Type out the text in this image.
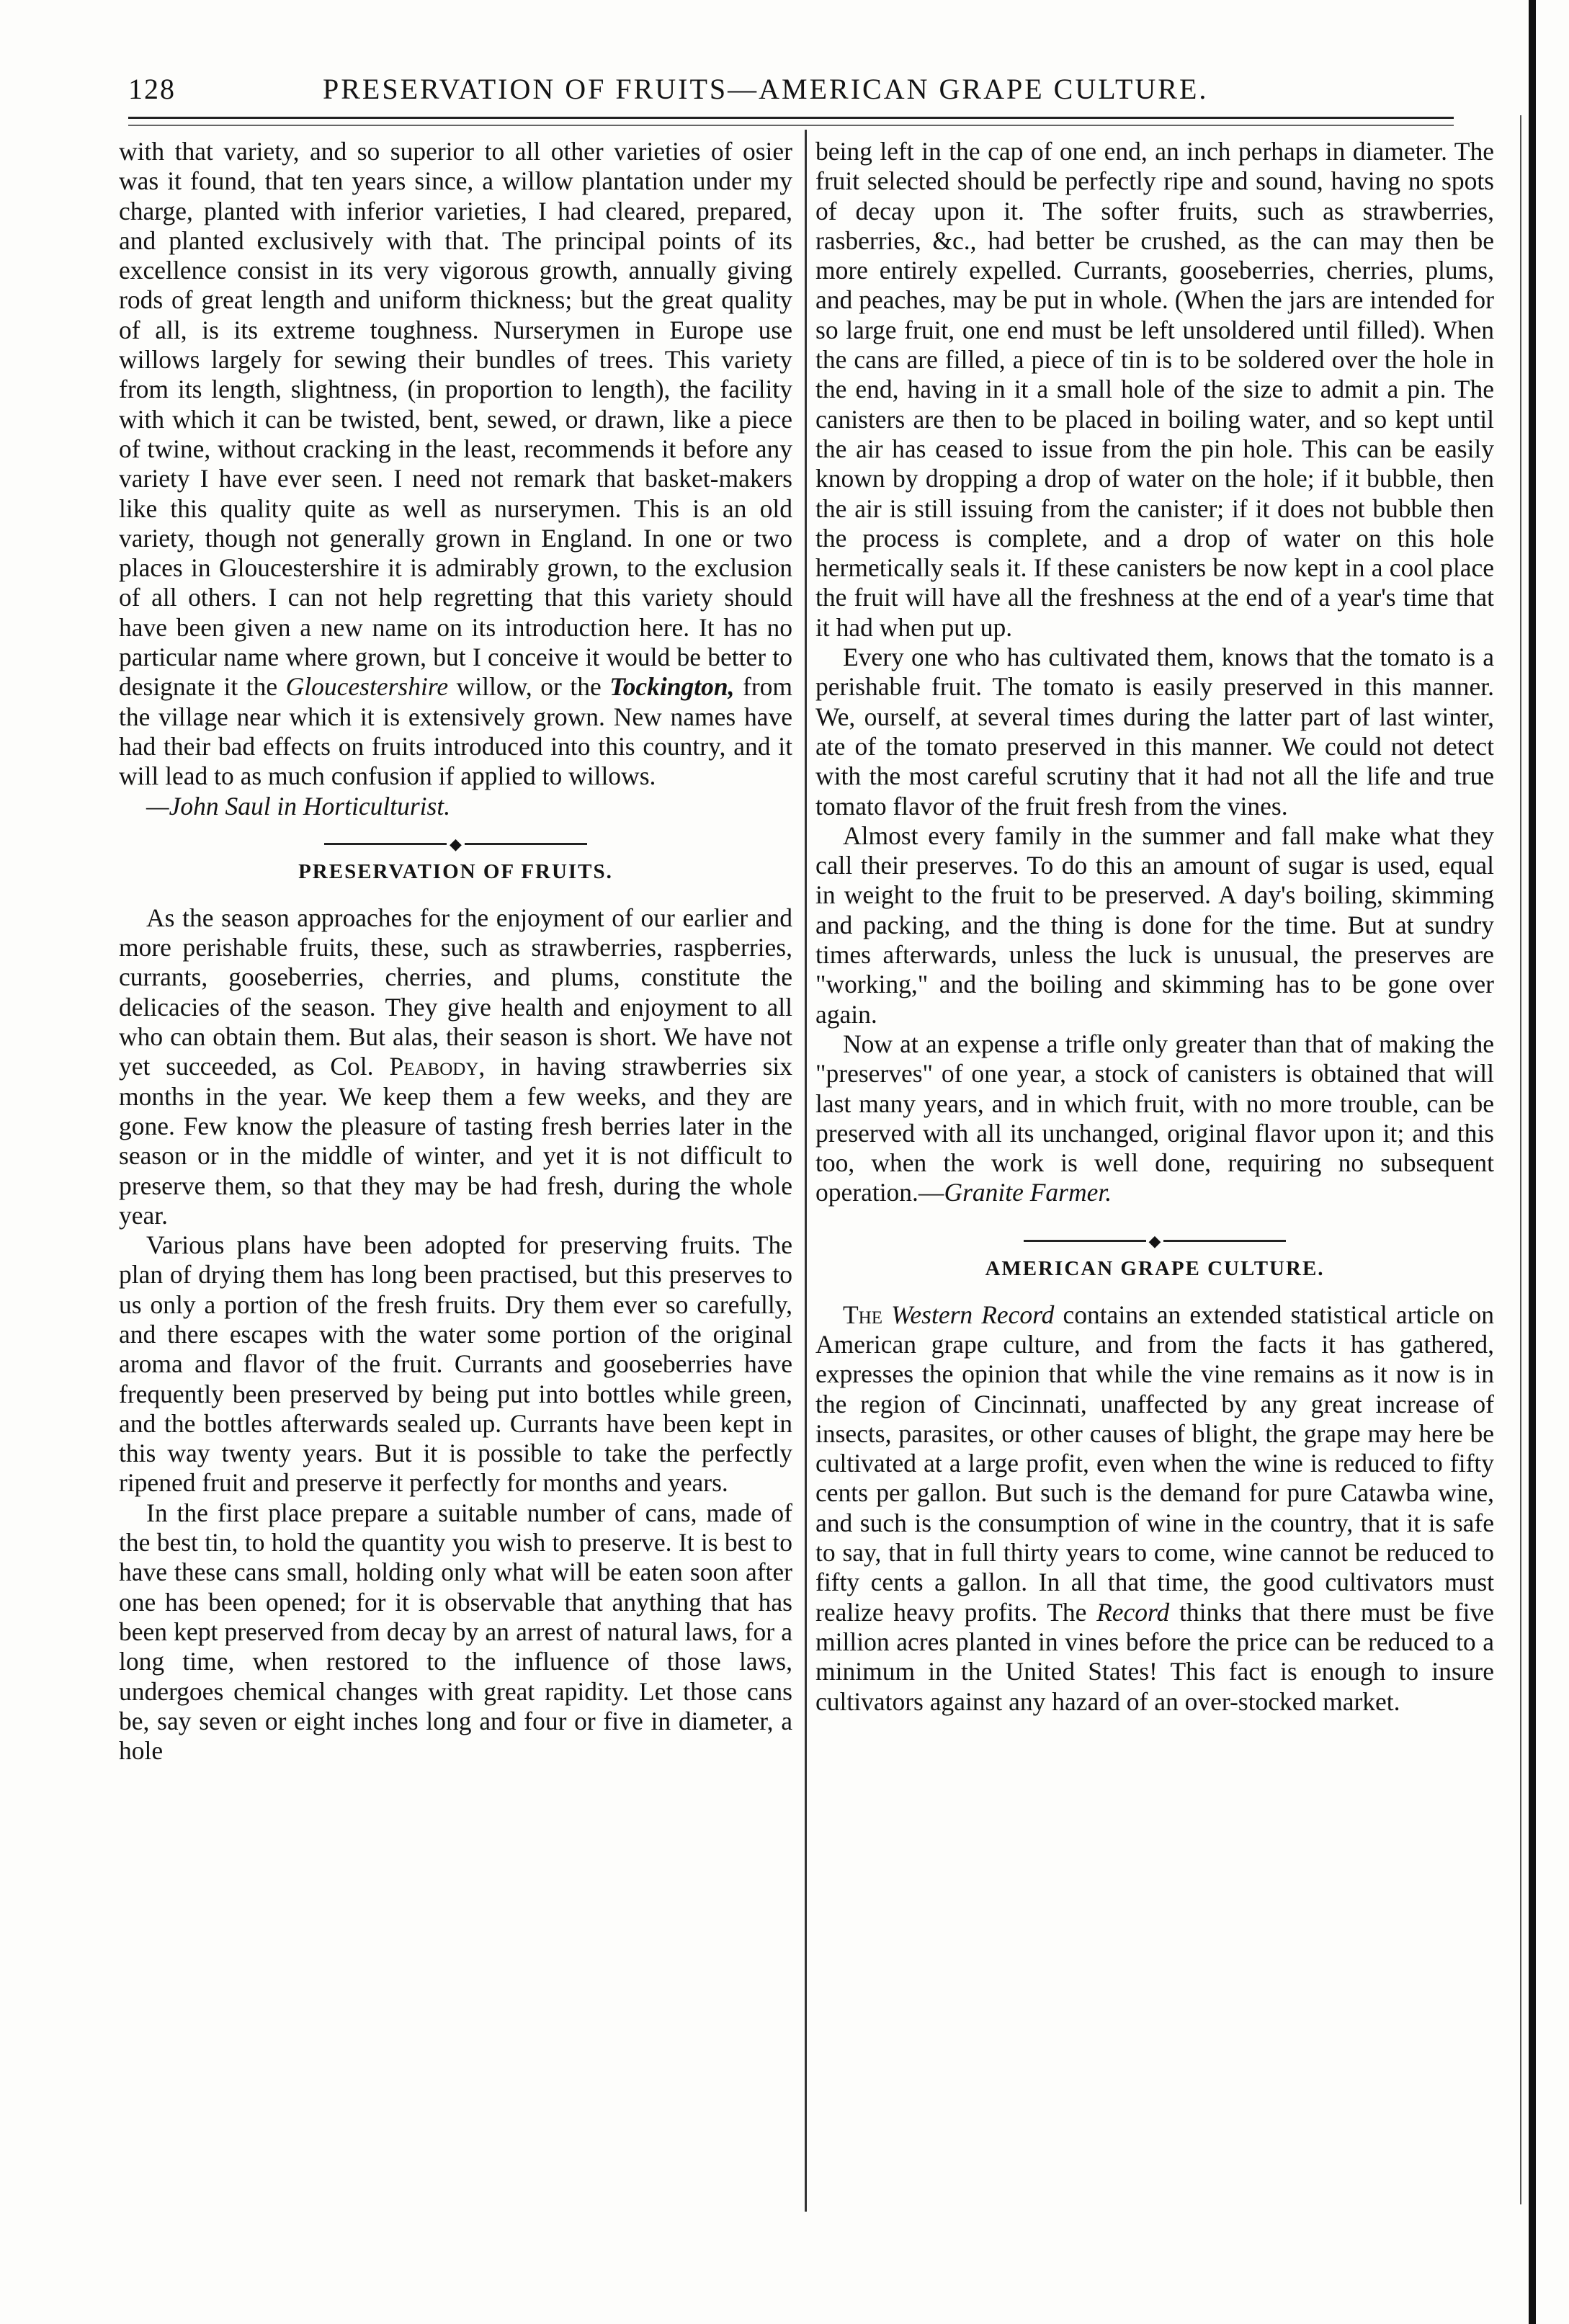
128	PRESERVATION OF FRUITS—AMERICAN GRAPE CULTURE.

with that variety, and so superior to all other varieties of osier was it found, that ten years since, a willow plantation under my charge, planted with inferior varieties, I had cleared, prepared, and planted exclusively with that. The principal points of its excellence consist in its very vigorous growth, annually giving rods of great length and uniform thickness; but the great quality of all, is its extreme toughness. Nurserymen in Europe use willows largely for sewing their bundles of trees. This variety from its length, slightness, (in proportion to length), the facility with which it can be twisted, bent, sewed, or drawn, like a piece of twine, without cracking in the least, recommends it before any variety I have ever seen. I need not remark that basket-makers like this quality quite as well as nurserymen. This is an old variety, though not generally grown in England. In one or two places in Gloucestershire it is admirably grown, to the exclusion of all others. I can not help regretting that this variety should have been given a new name on its introduction here. It has no particular name where grown, but I conceive it would be better to designate it the Gloucestershire willow, or the Tockington, from the village near which it is extensively grown. New names have had their bad effects on fruits introduced into this country, and it will lead to as much confusion if applied to willows.

—John Saul in Horticulturist.

◆
PRESERVATION OF FRUITS.

As the season approaches for the enjoyment of our earlier and more perishable fruits, these, such as strawberries, raspberries, currants, gooseberries, cherries, and plums, constitute the delicacies of the season. They give health and enjoyment to all who can obtain them. But alas, their season is short. We have not yet succeeded, as Col. Peabody, in having strawberries six months in the year. We keep them a few weeks, and they are gone. Few know the pleasure of tasting fresh berries later in the season or in the middle of winter, and yet it is not difficult to preserve them, so that they may be had fresh, during the whole year.

Various plans have been adopted for preserving fruits. The plan of drying them has long been practised, but this preserves to us only a portion of the fresh fruits. Dry them ever so carefully, and there escapes with the water some portion of the original aroma and flavor of the fruit. Currants and gooseberries have frequently been preserved by being put into bottles while green, and the bottles afterwards sealed up. Currants have been kept in this way twenty years. But it is possible to take the perfectly ripened fruit and preserve it perfectly for months and years.

In the first place prepare a suitable number of cans, made of the best tin, to hold the quantity you wish to preserve. It is best to have these cans small, holding only what will be eaten soon after one has been opened; for it is observable that anything that has been kept preserved from decay by an arrest of natural laws, for a long time, when restored to the influence of those laws, undergoes chemical changes with great rapidity. Let those cans be, say seven or eight inches long and four or five in diameter, a hole

being left in the cap of one end, an inch perhaps in diameter. The fruit selected should be perfectly ripe and sound, having no spots of decay upon it. The softer fruits, such as strawberries, rasberries, &c., had better be crushed, as the can may then be more entirely expelled. Currants, gooseberries, cherries, plums, and peaches, may be put in whole. (When the jars are intended for so large fruit, one end must be left unsoldered until filled). When the cans are filled, a piece of tin is to be soldered over the hole in the end, having in it a small hole of the size to admit a pin. The canisters are then to be placed in boiling water, and so kept until the air has ceased to issue from the pin hole. This can be easily known by dropping a drop of water on the hole; if it bubble, then the air is still issuing from the canister; if it does not bubble then the process is complete, and a drop of water on this hole hermetically seals it. If these canisters be now kept in a cool place the fruit will have all the freshness at the end of a year's time that it had when put up.

Every one who has cultivated them, knows that the tomato is a perishable fruit. The tomato is easily preserved in this manner. We, ourself, at several times during the latter part of last winter, ate of the tomato preserved in this manner. We could not detect with the most careful scrutiny that it had not all the life and true tomato flavor of the fruit fresh from the vines.

Almost every family in the summer and fall make what they call their preserves. To do this an amount of sugar is used, equal in weight to the fruit to be preserved. A day's boiling, skimming and packing, and the thing is done for the time. But at sundry times afterwards, unless the luck is unusual, the preserves are "working," and the boiling and skimming has to be gone over again.

Now at an expense a trifle only greater than that of making the "preserves" of one year, a stock of canisters is obtained that will last many years, and in which fruit, with no more trouble, can be preserved with all its unchanged, original flavor upon it; and this too, when the work is well done, requiring no subsequent operation.—Granite Farmer.

◆
AMERICAN GRAPE CULTURE.

The Western Record contains an extended statistical article on American grape culture, and from the facts it has gathered, expresses the opinion that while the vine remains as it now is in the region of Cincinnati, unaffected by any great increase of insects, parasites, or other causes of blight, the grape may here be cultivated at a large profit, even when the wine is reduced to fifty cents per gallon. But such is the demand for pure Catawba wine, and such is the consumption of wine in the country, that it is safe to say, that in full thirty years to come, wine cannot be reduced to fifty cents a gallon. In all that time, the good cultivators must realize heavy profits. The Record thinks that there must be five million acres planted in vines before the price can be reduced to a minimum in the United States! This fact is enough to insure cultivators against any hazard of an over-stocked market.
